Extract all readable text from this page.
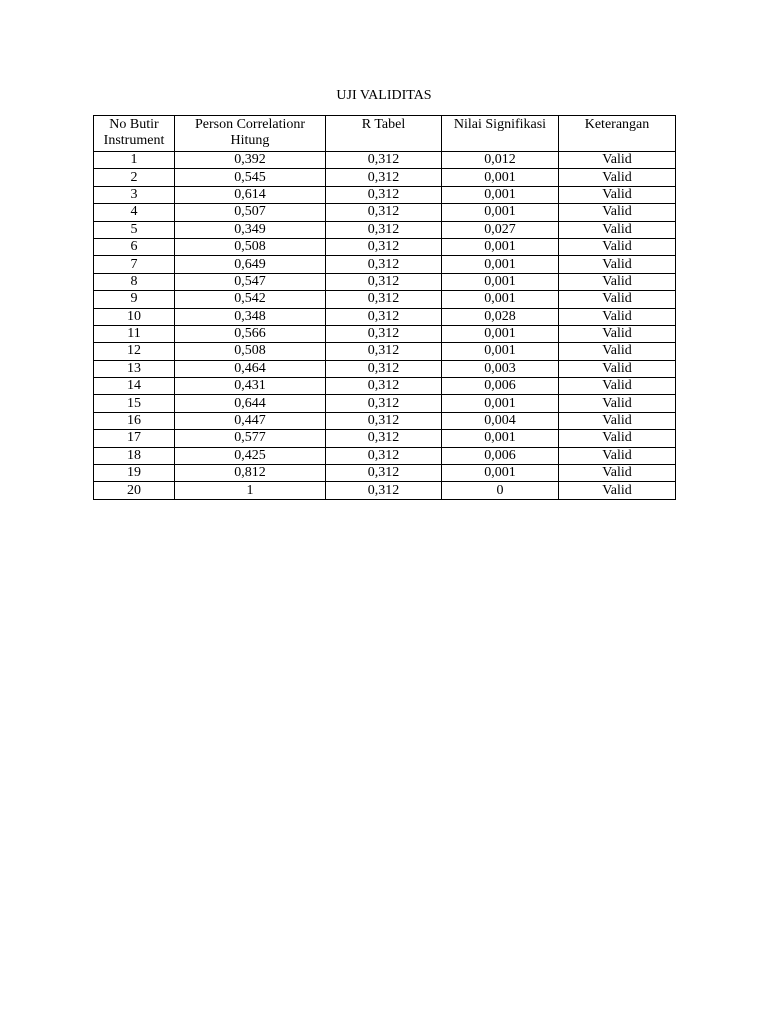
UJI VALIDITAS
No Butir Instrument	Person Correlationr Hitung	R Tabel	Nilai Signifikasi	Keterangan
1	0,392	0,312	0,012	Valid
2	0,545	0,312	0,001	Valid
3	0,614	0,312	0,001	Valid
4	0,507	0,312	0,001	Valid
5	0,349	0,312	0,027	Valid
6	0,508	0,312	0,001	Valid
7	0,649	0,312	0,001	Valid
8	0,547	0,312	0,001	Valid
9	0,542	0,312	0,001	Valid
10	0,348	0,312	0,028	Valid
11	0,566	0,312	0,001	Valid
12	0,508	0,312	0,001	Valid
13	0,464	0,312	0,003	Valid
14	0,431	0,312	0,006	Valid
15	0,644	0,312	0,001	Valid
16	0,447	0,312	0,004	Valid
17	0,577	0,312	0,001	Valid
18	0,425	0,312	0,006	Valid
19	0,812	0,312	0,001	Valid
20	1	0,312	0	Valid
